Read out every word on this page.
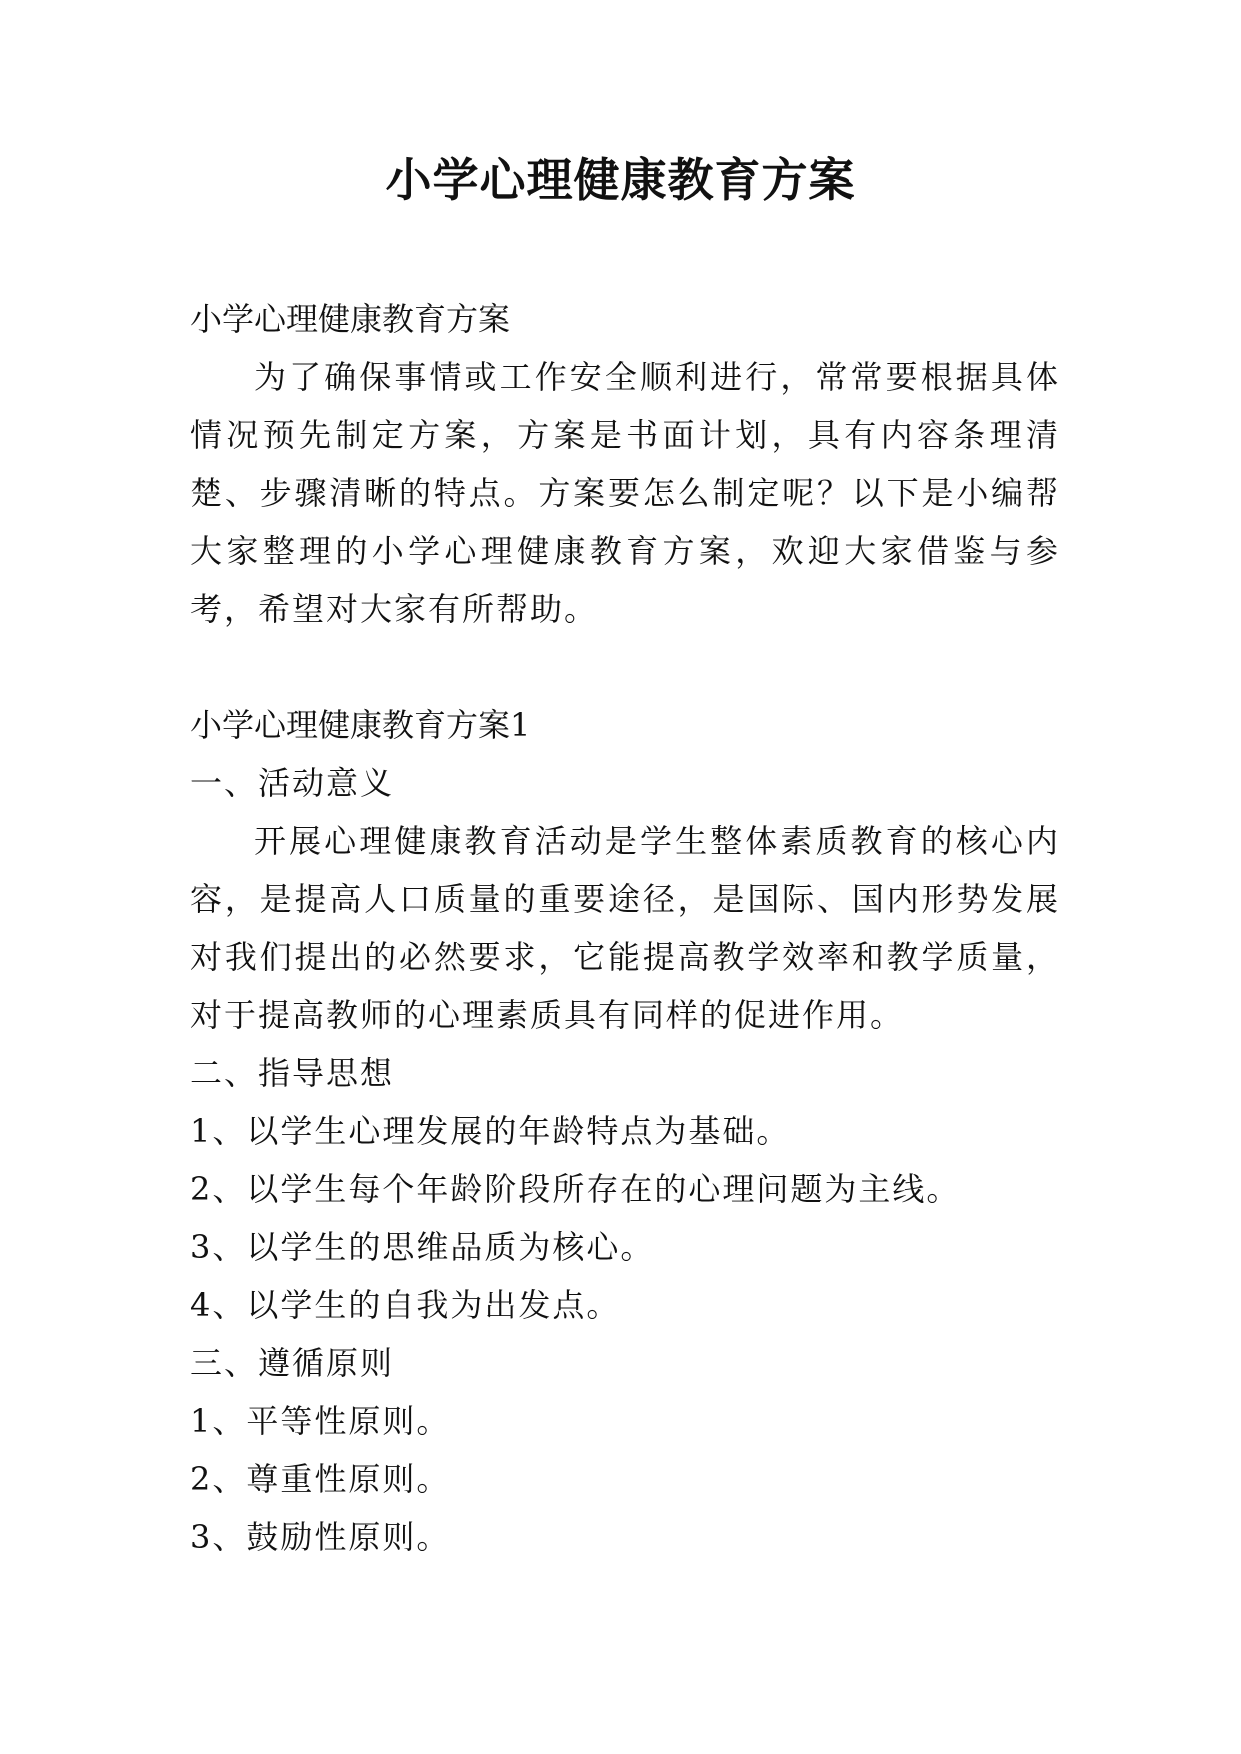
小学心理健康教育方案

小学心理健康教育方案

为了确保事情或工作安全顺利进行，常常要根据具体情况预先制定方案，方案是书面计划，具有内容条理清楚、步骤清晰的特点。方案要怎么制定呢？以下是小编帮大家整理的小学心理健康教育方案，欢迎大家借鉴与参考，希望对大家有所帮助。

小学心理健康教育方案1

一、活动意义

开展心理健康教育活动是学生整体素质教育的核心内容，是提高人口质量的重要途径，是国际、国内形势发展对我们提出的必然要求，它能提高教学效率和教学质量，对于提高教师的心理素质具有同样的促进作用。

二、指导思想

1、以学生心理发展的年龄特点为基础。

2、以学生每个年龄阶段所存在的心理问题为主线。

3、以学生的思维品质为核心。

4、以学生的自我为出发点。

三、遵循原则

1、平等性原则。

2、尊重性原则。

3、鼓励性原则。
